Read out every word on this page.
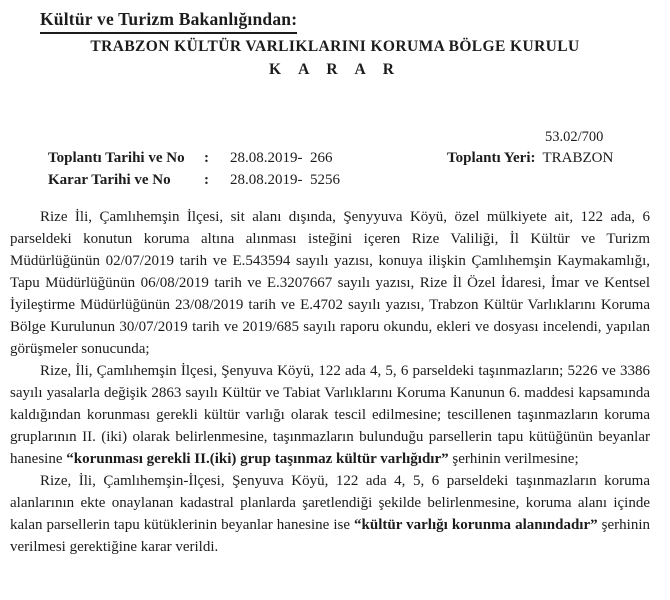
Kültür ve Turizm Bakanlığından:
TRABZON KÜLTÜR VARLIKLARINI KORUMA BÖLGE KURULU
K A R A R
53.02/700
Toplantı Tarihi ve No	:	28.08.2019-  266
Karar Tarihi ve No	:	28.08.2019-  5256
Toplantı Yeri: TRABZON

Rize İli, Çamlıhemşin İlçesi, sit alanı dışında, Şenyyuva Köyü, özel mülkiyete ait, 122 ada, 6 parseldeki konutun koruma altına alınması isteğini içeren Rize Valiliği, İl Kültür ve Turizm Müdürlüğünün 02/07/2019 tarih ve E.543594 sayılı yazısı, konuya ilişkin Çamlıhemşin Kaymakamlığı, Tapu Müdürlüğünün 06/08/2019 tarih ve E.3207667 sayılı yazısı, Rize İl Özel İdaresi, İmar ve Kentsel İyileştirme Müdürlüğünün 23/08/2019 tarih ve E.4702 sayılı yazısı, Trabzon Kültür Varlıklarını Koruma Bölge Kurulunun 30/07/2019 tarih ve 2019/685 sayılı raporu okundu, ekleri ve dosyası incelendi, yapılan görüşmeler sonucunda;

Rize, İli, Çamlıhemşin İlçesi, Şenyuva Köyü, 122 ada 4, 5, 6 parseldeki taşınmazların; 5226 ve 3386 sayılı yasalarla değişik 2863 sayılı Kültür ve Tabiat Varlıklarını Koruma Kanunun 6. maddesi kapsamında kaldığından korunması gerekli kültür varlığı olarak tescil edilmesine; tescillenen taşınmazların koruma gruplarının II. (iki) olarak belirlenmesine, taşınmazların bulunduğu parsellerin tapu kütüğünün beyanlar hanesine “korunması gerekli II.(iki) grup taşınmaz kültür varlığıdır” şerhinin verilmesine;

Rize, İli, Çamlıhemşin-İlçesi, Şenyuva Köyü, 122 ada 4, 5, 6 parseldeki taşınmazların koruma alanlarının ekte onaylanan kadastral planlarda şaretlendiği şekilde belirlenmesine, koruma alanı içinde kalan parsellerin tapu kütüklerinin beyanlar hanesine ise “kültür varlığı korunma alanındadır” şerhinin verilmesi gerektiğine karar verildi.
